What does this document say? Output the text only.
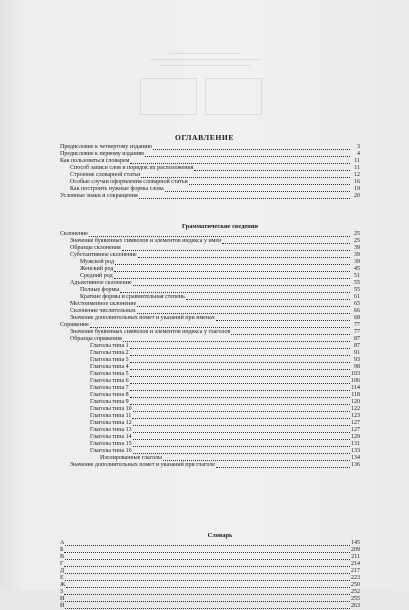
ОГЛАВЛЕНИЕ
Предисловие к четвертому изданию	3
Предисловие к первому изданию	4
Как пользоваться словарем	11
Способ записи слов и порядок их расположения	11
Строение словарной статьи	12
Особые случаи оформления словарной статьи	16
Как построить нужные формы слова	19
Условные знаки и сокращения	20
Грамматические сведения
Склонение	25
Значение буквенных символов и элементов индекса у имен	25
Образцы склонения	39
Субстантивное склонение	39
Мужской род	39
Женский род	45
Средний род	51
Адъективное склонение	55
Полные формы	55
Краткие формы и сравнительная степень	61
Местоименное склонение	65
Склонение числительных	66
Значение дополнительных помет и указаний при именах	68
Спряжение	77
Значение буквенных символов и элементов индекса у глаголов	77
Образцы спряжения	87
Глаголы типа 1	87
Глаголы типа 2	91
Глаголы типа 3	93
Глаголы типа 4	98
Глаголы типа 5	103
Глаголы типа 6	106
Глаголы типа 7	114
Глаголы типа 8	118
Глаголы типа 9	120
Глаголы типа 10	122
Глаголы типа 11	123
Глаголы типа 12	127
Глаголы типа 13	127
Глаголы типа 14	129
Глаголы типа 15	131
Глаголы типа 16	133
Изолированные глаголы	134
Значение дополнительных помет и указаний при глаголе	136
Словарь
А	145
Б	209
В	211
Г	214
Д	217
Е	223
Ж	250
З	252
И	255
Й	263
